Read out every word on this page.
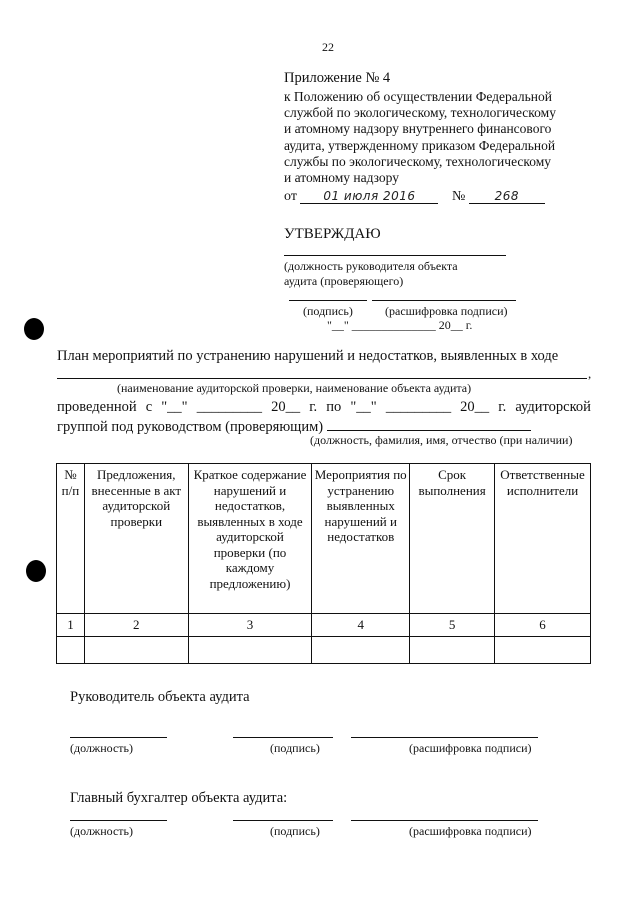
22
Приложение № 4
к Положению об осуществлении Федеральной
службой по экологическому, технологическому
и атомному надзору внутреннего финансового
аудита, утвержденному приказом Федеральной
службы по экологическому, технологическому
и атомному надзору
от 01 июля 2016	№ 268
УТВЕРЖДАЮ
(должность руководителя объекта
аудита (проверяющего)
(подпись)	(расшифровка подписи)
"__" ______________ 20__ г.
План мероприятий по устранению нарушений и недостатков, выявленных в ходе
,
(наименование аудиторской проверки, наименование объекта аудита)
проведенной с "__" _________ 20__ г. по "__" _________ 20__ г. аудиторской
группой под руководством (проверяющим)
(должность, фамилия, имя, отчество (при наличии)
№ п/п	Предложения, внесенные в акт аудиторской проверки	Краткое содержание нарушений и недостатков, выявленных в ходе аудиторской проверки (по каждому предложению)	Мероприятия по устранению выявленных нарушений и недостатков	Срок выполнения	Ответственные исполнители
1	2	3	4	5	6

Руководитель объекта аудита
(должность)	(подпись)	(расшифровка подписи)
Главный бухгалтер объекта аудита:
(должность)	(подпись)	(расшифровка подписи)
